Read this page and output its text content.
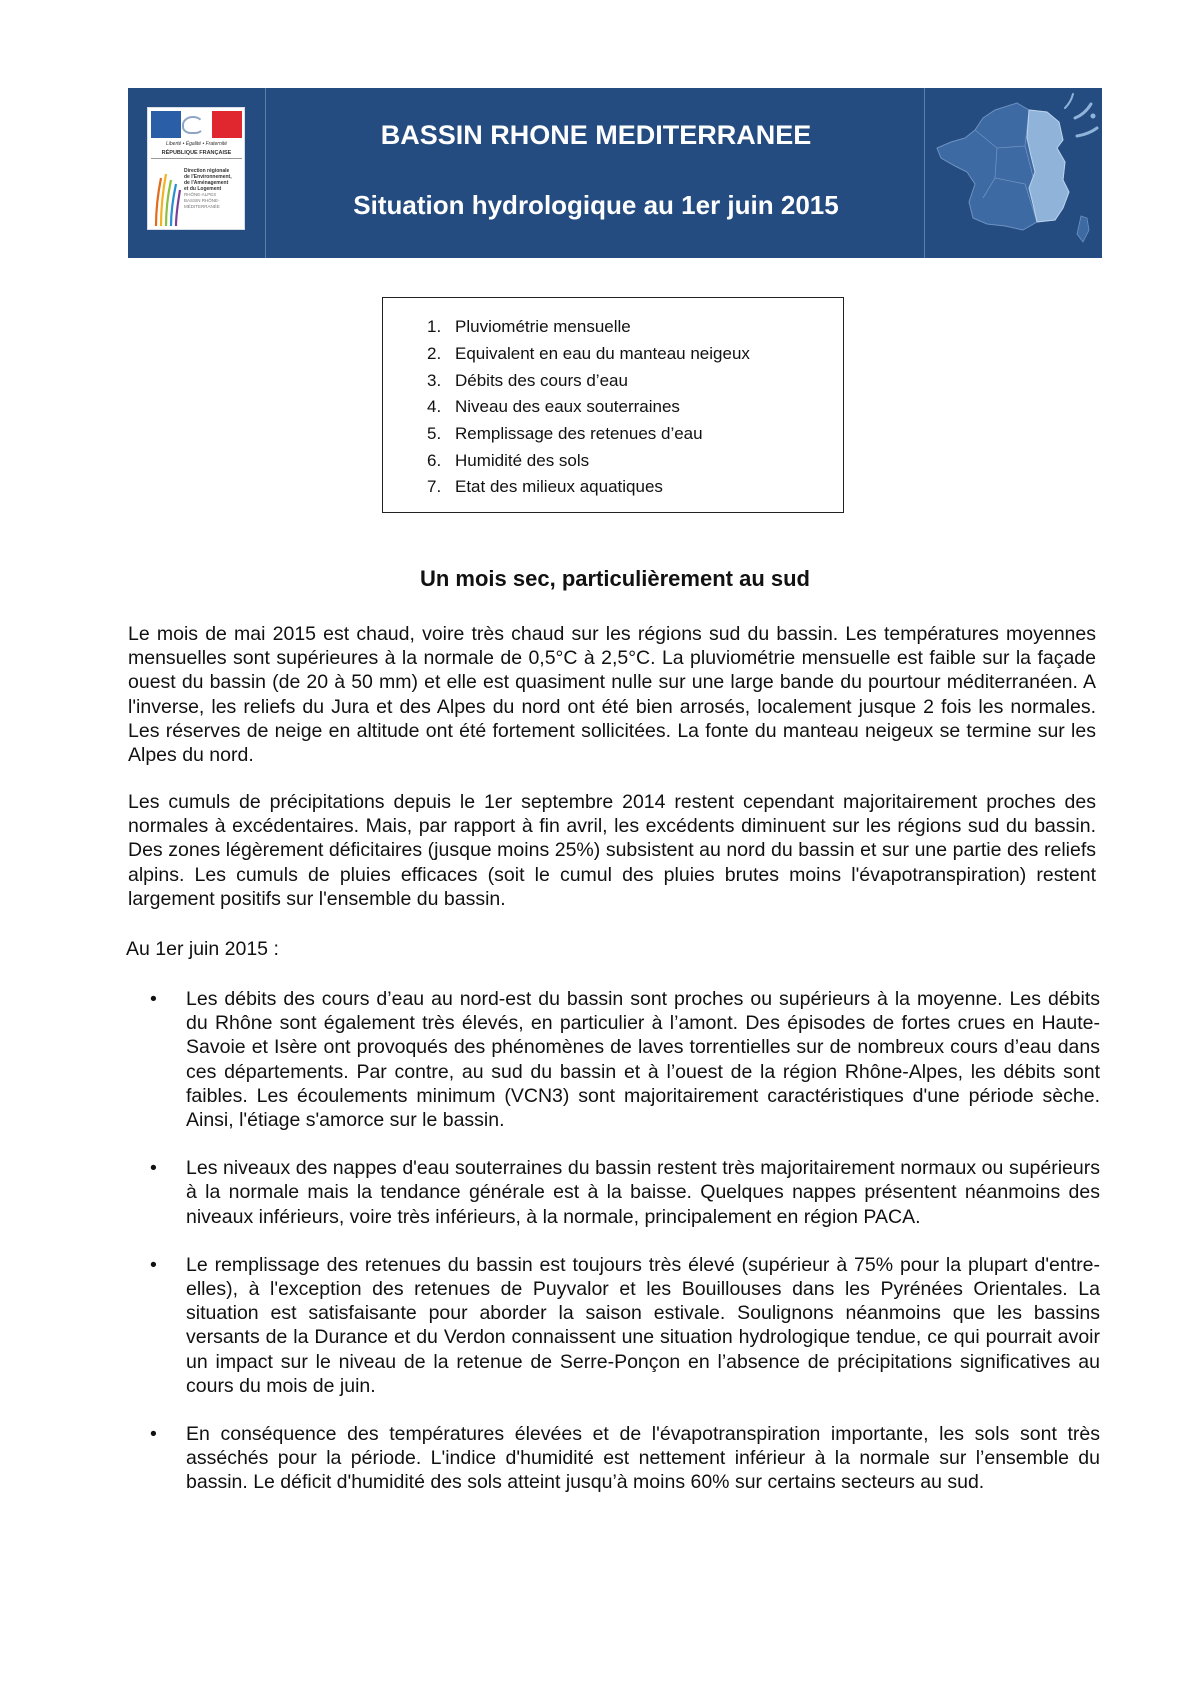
Liberté • Égalité • Fraternité
RÉPUBLIQUE FRANÇAISE
Direction régionale
de l'Environnement,
de l'Aménagement
et du Logement
RHÔNE-ALPES
BASSIN RHÔNE-MÉDITERRANÉE
BASSIN RHONE MEDITERRANEE
Situation hydrologique au 1er juin 2015
1. Pluviométrie mensuelle
2. Equivalent en eau du manteau neigeux
3. Débits des cours d’eau
4. Niveau des eaux souterraines
5. Remplissage des retenues d’eau
6. Humidité des sols
7. Etat des milieux aquatiques
Un mois sec, particulièrement au sud

Le mois de mai 2015 est chaud, voire très chaud sur les régions sud du bassin. Les températures moyennes mensuelles sont supérieures à la normale de 0,5°C à 2,5°C. La pluviométrie mensuelle est faible sur la façade ouest du bassin (de 20 à 50 mm) et elle est quasiment nulle sur une large bande du pourtour méditerranéen. A l'inverse, les reliefs du Jura et des Alpes du nord ont été bien arrosés, localement jusque 2 fois les normales. Les réserves de neige en altitude ont été fortement sollicitées. La fonte du manteau neigeux se termine sur les Alpes du nord.

Les cumuls de précipitations depuis le 1er septembre 2014 restent cependant majoritairement proches des normales à excédentaires. Mais, par rapport à fin avril, les excédents diminuent sur les régions sud du bassin. Des zones légèrement déficitaires (jusque moins 25%) subsistent au nord du bassin et sur une partie des reliefs alpins. Les cumuls de pluies efficaces (soit le cumul des pluies brutes moins l'évapotranspiration) restent largement positifs sur l'ensemble du bassin.

Au 1er juin 2015 :
• Les débits des cours d’eau au nord-est du bassin sont proches ou supérieurs à la moyenne. Les débits du Rhône sont également très élevés, en particulier à l’amont. Des épisodes de fortes crues en Haute-Savoie et Isère ont provoqués des phénomènes de laves torrentielles sur de nombreux cours d’eau dans ces départements. Par contre, au sud du bassin et à l’ouest de la région Rhône-Alpes, les débits sont faibles. Les écoulements minimum (VCN3) sont majoritairement caractéristiques d'une période sèche. Ainsi, l'étiage s'amorce sur le bassin.
• Les niveaux des nappes d'eau souterraines du bassin restent très majoritairement normaux ou supérieurs à la normale mais la tendance générale est à la baisse. Quelques nappes présentent néanmoins des niveaux inférieurs, voire très inférieurs, à la normale, principalement en région PACA.
• Le remplissage des retenues du bassin est toujours très élevé (supérieur à 75% pour la plupart d'entre-elles), à l'exception des retenues de Puyvalor et les Bouillouses dans les Pyrénées Orientales. La situation est satisfaisante pour aborder la saison estivale. Soulignons néanmoins que les bassins versants de la Durance et du Verdon connaissent une situation hydrologique tendue, ce qui pourrait avoir un impact sur le niveau de la retenue de Serre-Ponçon en l’absence de précipitations significatives au cours du mois de juin.
• En conséquence des températures élevées et de l'évapotranspiration importante, les sols sont très asséchés pour la période. L'indice d'humidité est nettement inférieur à la normale sur l’ensemble du bassin. Le déficit d'humidité des sols atteint jusqu’à moins 60% sur certains secteurs au sud.
